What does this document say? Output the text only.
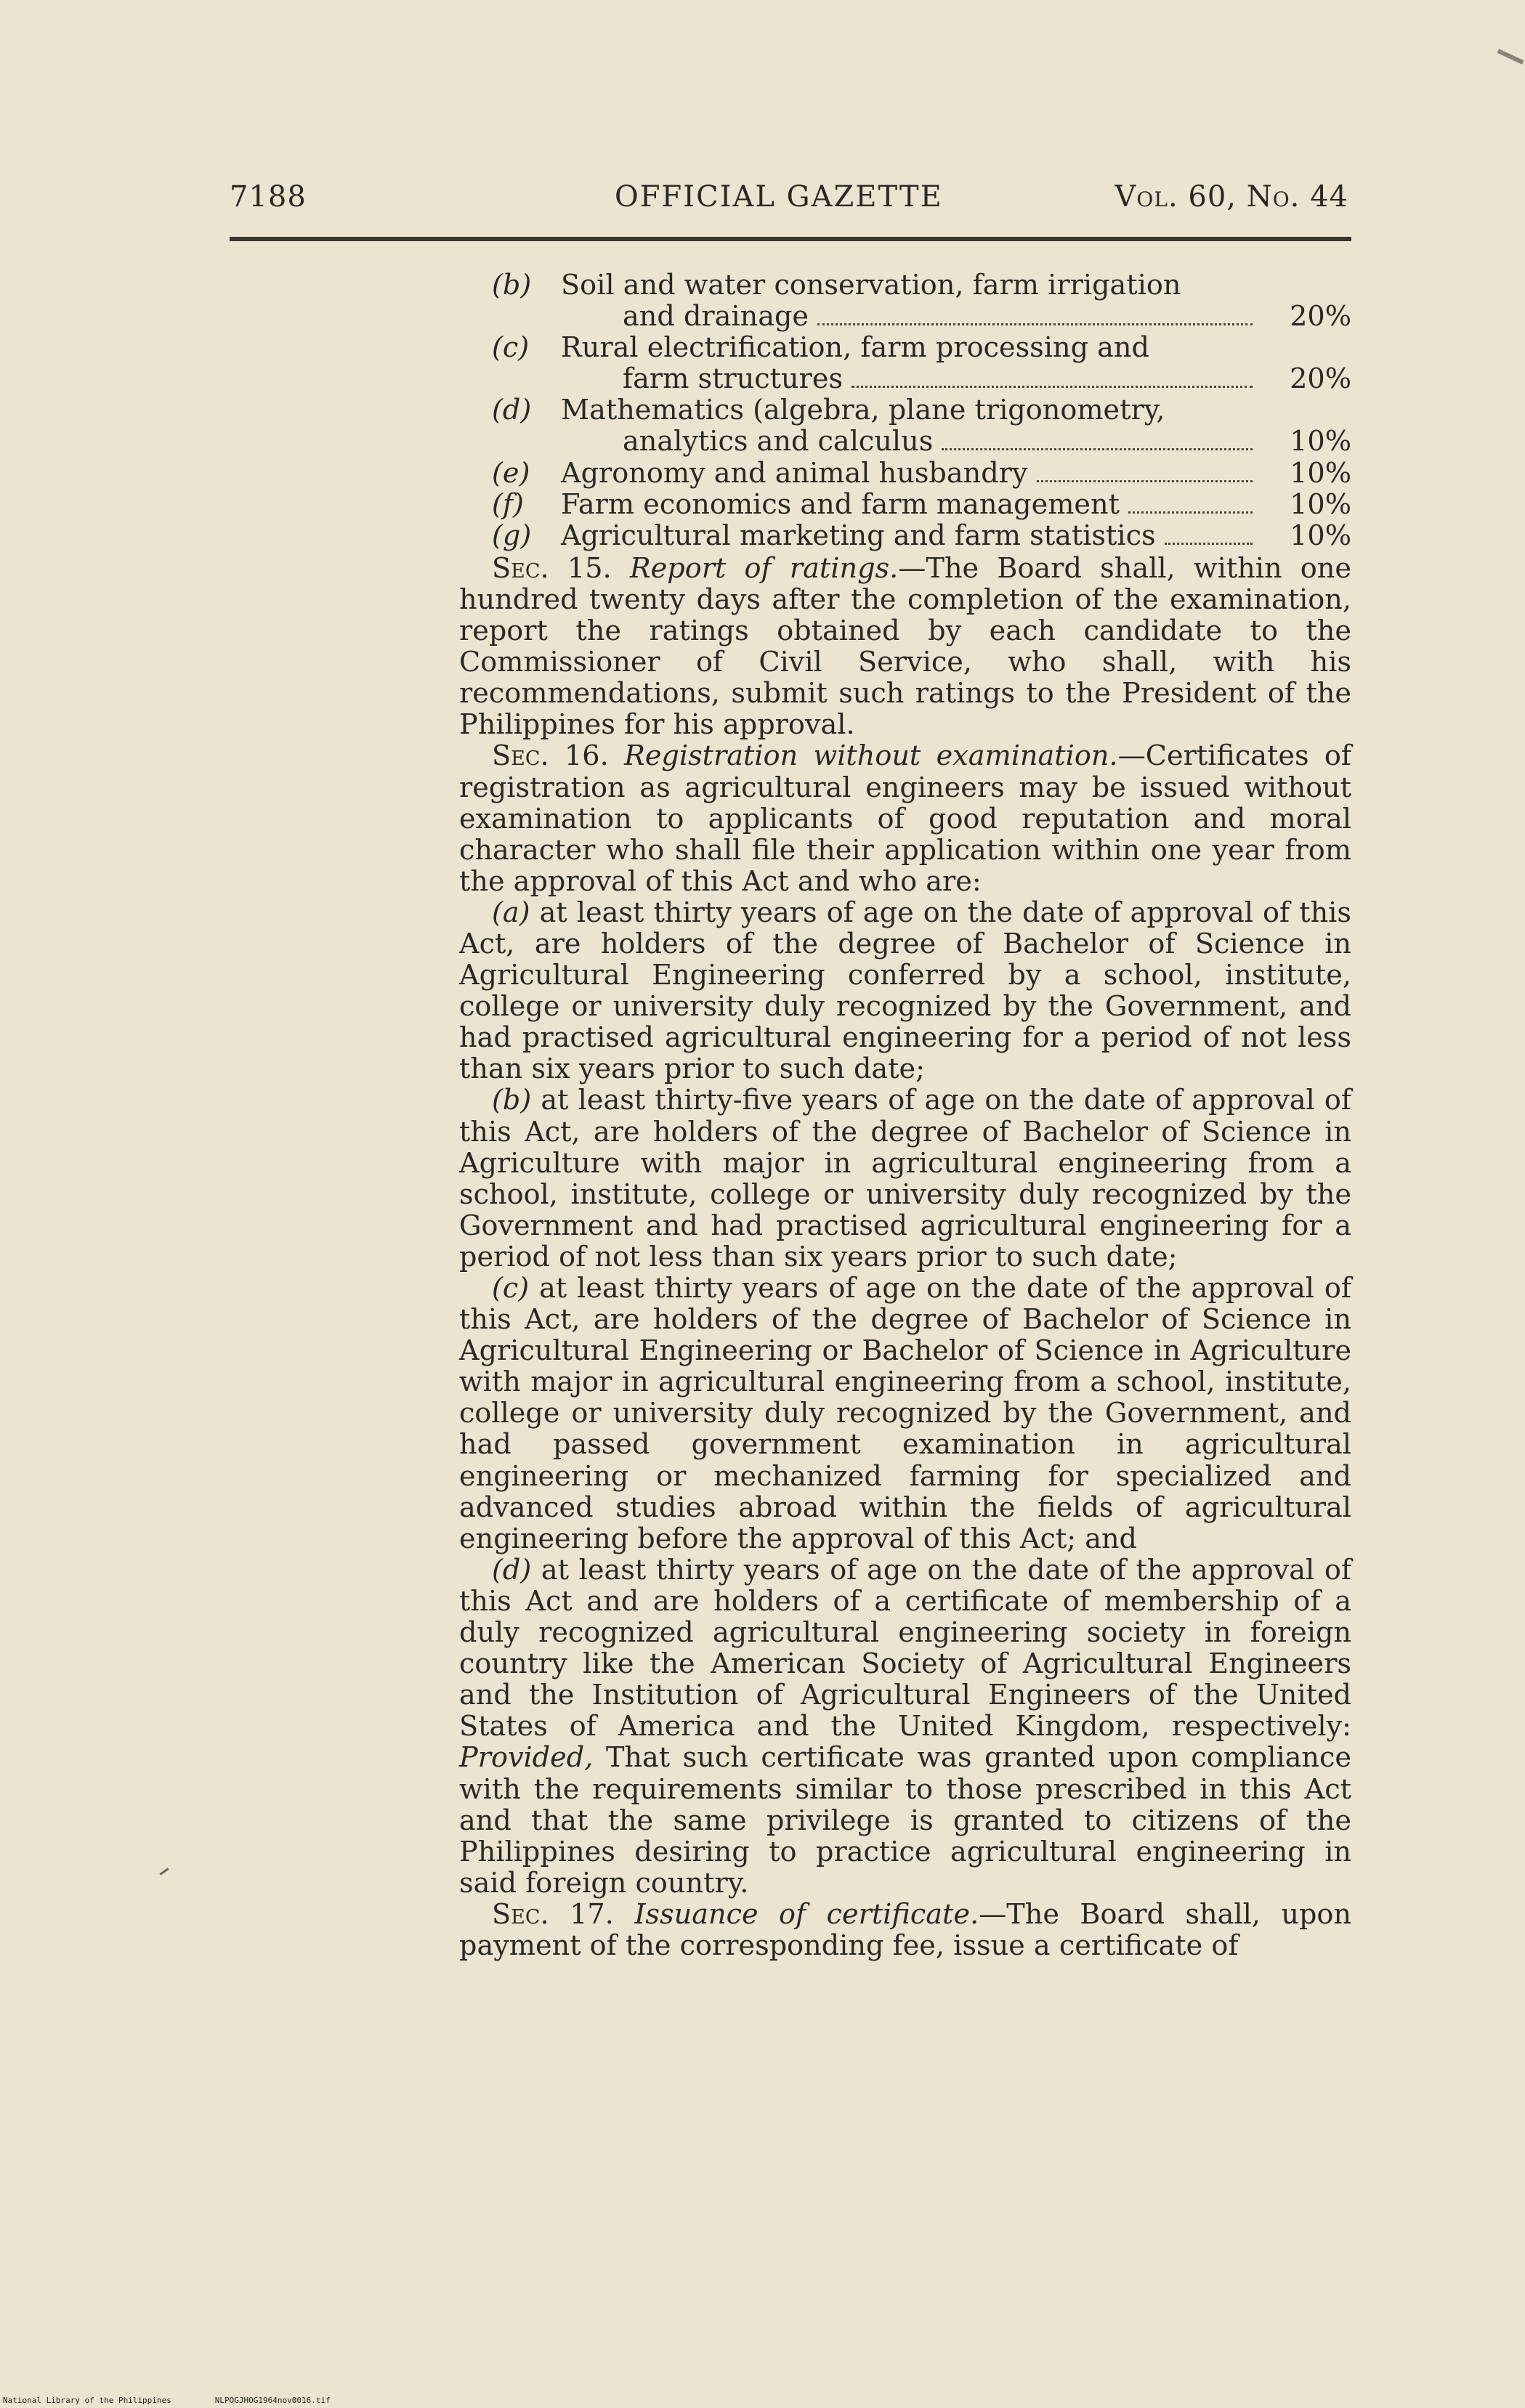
7188	OFFICIAL GAZETTE	Vol. 60, No. 44
(b)	Soil and water conservation, farm irrigation
and drainage	20%
(c)	Rural electrification, farm processing and
farm structures	20%
(d)	Mathematics (algebra, plane trigonometry,
analytics and calculus	10%
(e) Agronomy and animal husbandry	10%
(f) Farm economics and farm management	10%
(g) Agricultural marketing and farm statistics	10%

Sec. 15. Report of ratings.—The Board shall, within one hundred twenty days after the completion of the examination, report the ratings obtained by each candidate to the Commissioner of Civil Service, who shall, with his recommendations, submit such ratings to the President of the Philippines for his approval.

Sec. 16. Registration without examination.—Certificates of registration as agricultural engineers may be issued without examination to applicants of good reputation and moral character who shall file their application within one year from the approval of this Act and who are:

(a) at least thirty years of age on the date of approval of this Act, are holders of the degree of Bachelor of Science in Agricultural Engineering conferred by a school, institute, college or university duly recognized by the Government, and had practised agricultural engineering for a period of not less than six years prior to such date;

(b) at least thirty-five years of age on the date of approval of this Act, are holders of the degree of Bachelor of Science in Agriculture with major in agricultural engineering from a school, institute, college or university duly recognized by the Government and had practised agricultural engineering for a period of not less than six years prior to such date;

(c) at least thirty years of age on the date of the approval of this Act, are holders of the degree of Bachelor of Science in Agricultural Engineering or Bachelor of Science in Agriculture with major in agricultural engineering from a school, institute, college or university duly recognized by the Government, and had passed government examination in agricultural engineering or mechanized farming for specialized and advanced studies abroad within the fields of agricultural engineering before the approval of this Act; and

(d) at least thirty years of age on the date of the approval of this Act and are holders of a certificate of membership of a duly recognized agricultural engineering society in foreign country like the American Society of Agricultural Engineers and the Institution of Agricultural Engineers of the United States of America and the United Kingdom, respectively: Provided, That such certificate was granted upon compliance with the requirements similar to those prescribed in this Act and that the same privilege is granted to citizens of the Philippines desiring to practice agricultural engineering in said foreign country.

Sec. 17. Issuance of certificate.—The Board shall, upon payment of the corresponding fee, issue a certificate of

National Library of the Philippines	NLPOGJHOG1964nov0016.tif
